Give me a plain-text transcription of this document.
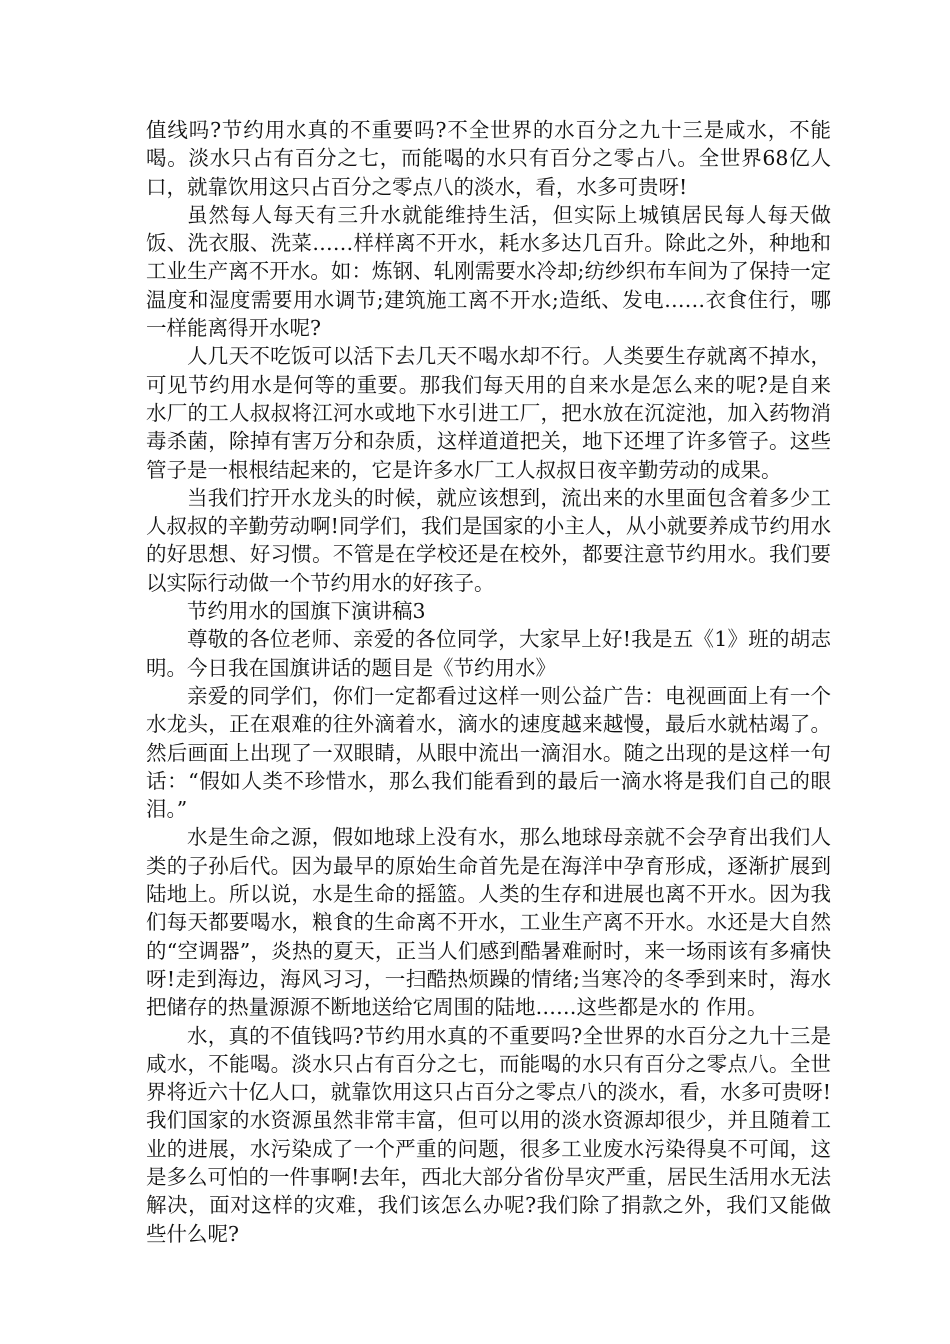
值线吗?节约用水真的不重要吗?不全世界的水百分之九十三是咸水，不能喝。淡水只占有百分之七，而能喝的水只有百分之零占八。全世界68亿人口，就靠饮用这只占百分之零点八的淡水，看，水多可贵呀!

虽然每人每天有三升水就能维持生活，但实际上城镇居民每人每天做饭、洗衣服、洗菜……样样离不开水，耗水多达几百升。除此之外，种地和工业生产离不开水。如：炼钢、轧刚需要水冷却;纺纱织布车间为了保持一定温度和湿度需要用水调节;建筑施工离不开水;造纸、发电……衣食住行，哪一样能离得开水呢?

人几天不吃饭可以活下去几天不喝水却不行。人类要生存就离不掉水，可见节约用水是何等的重要。那我们每天用的自来水是怎么来的呢?是自来水厂的工人叔叔将江河水或地下水引进工厂，把水放在沉淀池，加入药物消毒杀菌，除掉有害万分和杂质，这样道道把关，地下还埋了许多管子。这些管子是一根根结起来的，它是许多水厂工人叔叔日夜辛勤劳动的成果。

当我们拧开水龙头的时候，就应该想到，流出来的水里面包含着多少工人叔叔的辛勤劳动啊!同学们，我们是国家的小主人，从小就要养成节约用水的好思想、好习惯。不管是在学校还是在校外，都要注意节约用水。我们要以实际行动做一个节约用水的好孩子。

节约用水的国旗下演讲稿3

尊敬的各位老师、亲爱的各位同学，大家早上好!我是五《1》班的胡志明。今日我在国旗讲话的题目是《节约用水》

亲爱的同学们，你们一定都看过这样一则公益广告：电视画面上有一个水龙头，正在艰难的往外滴着水，滴水的速度越来越慢，最后水就枯竭了。然后画面上出现了一双眼睛，从眼中流出一滴泪水。随之出现的是这样一句话：“假如人类不珍惜水，那么我们能看到的最后一滴水将是我们自己的眼泪。”

水是生命之源，假如地球上没有水，那么地球母亲就不会孕育出我们人类的子孙后代。因为最早的原始生命首先是在海洋中孕育形成，逐渐扩展到陆地上。所以说，水是生命的摇篮。人类的生存和进展也离不开水。因为我们每天都要喝水，粮食的生命离不开水，工业生产离不开水。水还是大自然的“空调器”，炎热的夏天，正当人们感到酷暑难耐时，来一场雨该有多痛快呀!走到海边，海风习习，一扫酷热烦躁的情绪;当寒冷的冬季到来时，海水把储存的热量源源不断地送给它周围的陆地……这些都是水的 作用。

水，真的不值钱吗?节约用水真的不重要吗?全世界的水百分之九十三是咸水，不能喝。淡水只占有百分之七，而能喝的水只有百分之零点八。全世界将近六十亿人口，就靠饮用这只占百分之零点八的淡水，看，水多可贵呀!我们国家的水资源虽然非常丰富，但可以用的淡水资源却很少，并且随着工业的进展，水污染成了一个严重的问题，很多工业废水污染得臭不可闻，这是多么可怕的一件事啊!去年，西北大部分省份旱灾严重，居民生活用水无法解决，面对这样的灾难，我们该怎么办呢?我们除了捐款之外，我们又能做些什么呢?
